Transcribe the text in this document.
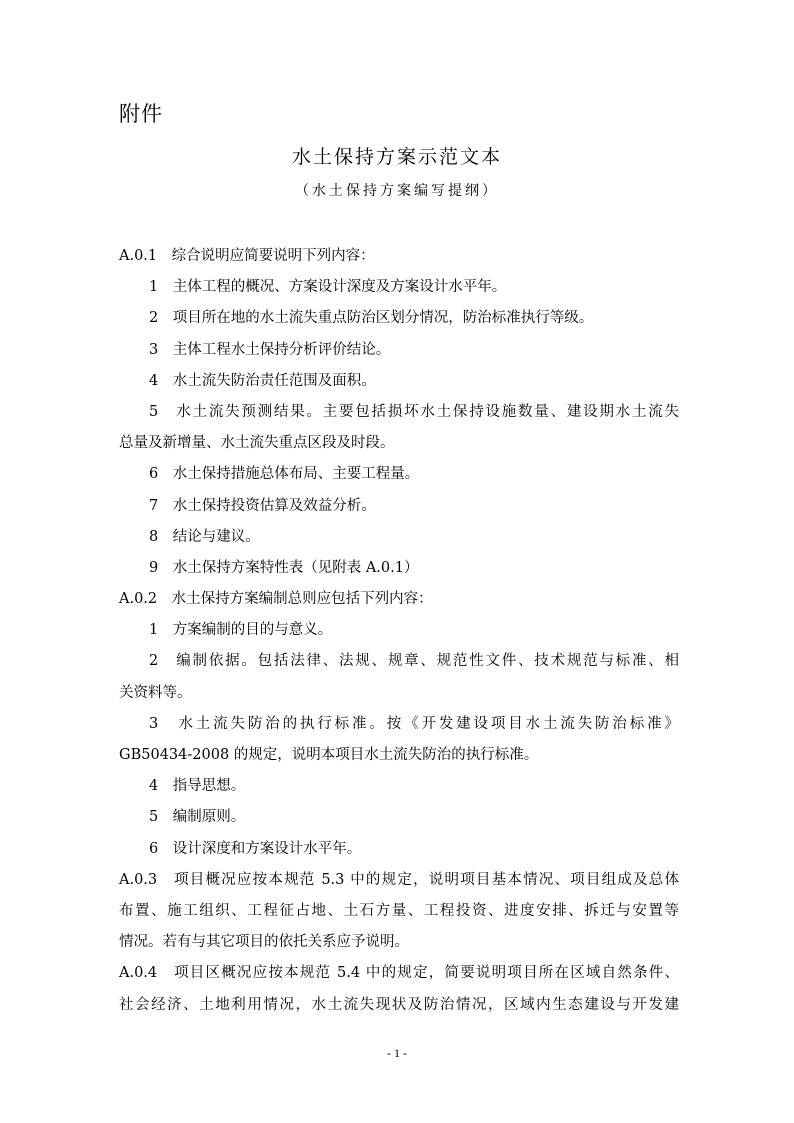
附件
水土保持方案示范文本
（水土保持方案编写提纲）
A.0.1　综合说明应简要说明下列内容：
1　主体工程的概况、方案设计深度及方案设计水平年。
2　项目所在地的水土流失重点防治区划分情况，防治标准执行等级。
3　主体工程水土保持分析评价结论。
4　水土流失防治责任范围及面积。
5　水土流失预测结果。主要包括损坏水土保持设施数量、建设期水土流失
总量及新增量、水土流失重点区段及时段。
6　水土保持措施总体布局、主要工程量。
7　水土保持投资估算及效益分析。
8　结论与建议。
9　水土保持方案特性表（见附表 A.0.1）
A.0.2　水土保持方案编制总则应包括下列内容：
1　方案编制的目的与意义。
2　编制依据。包括法律、法规、规章、规范性文件、技术规范与标准、相
关资料等。
3　水土流失防治的执行标准。按《开发建设项目水土流失防治标准》
GB50434-2008 的规定，说明本项目水土流失防治的执行标准。
4　指导思想。
5　编制原则。
6　设计深度和方案设计水平年。
A.0.3　项目概况应按本规范 5.3 中的规定，说明项目基本情况、项目组成及总体
布置、施工组织、工程征占地、土石方量、工程投资、进度安排、拆迁与安置等
情况。若有与其它项目的依托关系应予说明。
A.0.4　项目区概况应按本规范 5.4 中的规定，简要说明项目所在区域自然条件、
社会经济、土地利用情况，水土流失现状及防治情况，区域内生态建设与开发建
- 1 -
